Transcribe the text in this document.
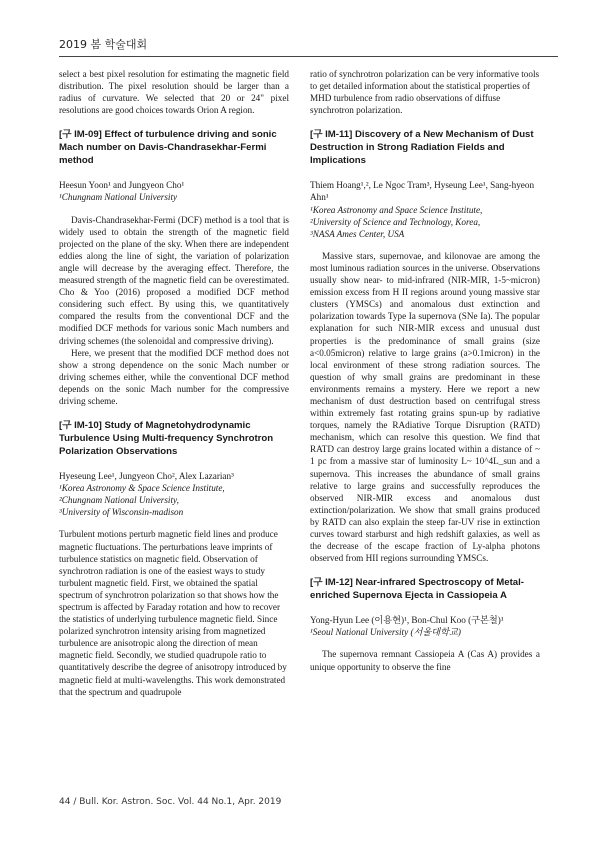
2019 봄 학술대회

select a best pixel resolution for estimating the magnetic field distribution. The pixel resolution should be larger than a radius of curvature. We selected that 20 or 24" pixel resolutions are good choices towards Orion A region.

[구 IM-09] Effect of turbulence driving and sonic Mach number on Davis-Chandrasekhar-Fermi method

Heesun Yoon¹ and Jungyeon Cho¹

¹Chungnam National University

Davis-Chandrasekhar-Fermi (DCF) method is a tool that is widely used to obtain the strength of the magnetic field projected on the plane of the sky. When there are independent eddies along the line of sight, the variation of polarization angle will decrease by the averaging effect. Therefore, the measured strength of the magnetic field can be overestimated. Cho & Yoo (2016) proposed a modified DCF method considering such effect. By using this, we quantitatively compared the results from the conventional DCF and the modified DCF methods for various sonic Mach numbers and driving schemes (the solenoidal and compressive driving).

Here, we present that the modified DCF method does not show a strong dependence on the sonic Mach number or driving schemes either, while the conventional DCF method depends on the sonic Mach number for the compressive driving scheme.

[구 IM-10] Study of Magnetohydrodynamic Turbulence Using Multi-frequency Synchrotron Polarization Observations

Hyeseung Lee¹, Jungyeon Cho², Alex Lazarian³

¹Korea Astronomy & Space Science Institute,

²Chungnam National University,

³University of Wisconsin-madison

Turbulent motions perturb magnetic field lines and produce magnetic fluctuations. The perturbations leave imprints of turbulence statistics on magnetic field. Observation of synchrotron radiation is one of the easiest ways to study turbulent magnetic field. First, we obtained the spatial spectrum of synchrotron polarization so that shows how the spectrum is affected by Faraday rotation and how to recover the statistics of underlying turbulence magnetic field. Since polarized synchrotron intensity arising from magnetized turbulence are anisotropic along the direction of mean magnetic field. Secondly, we studied quadrupole ratio to quantitatively describe the degree of anisotropy introduced by magnetic field at multi-wavelengths. This work demonstrated that the spectrum and quadrupole

ratio of synchrotron polarization can be very informative tools to get detailed information about the statistical properties of MHD turbulence from radio observations of diffuse synchrotron polarization.

[구 IM-11] Discovery of a New Mechanism of Dust Destruction in Strong Radiation Fields and Implications

Thiem Hoang¹,², Le Ngoc Tram³, Hyseung Lee¹, Sang-hyeon Ahn¹

¹Korea Astronomy and Space Science Institute,

²University of Science and Technology, Korea,

³NASA Ames Center, USA

Massive stars, supernovae, and kilonovae are among the most luminous radiation sources in the universe. Observations usually show near- to mid-infrared (NIR-MIR, 1-5~micron) emission excess from H II regions around young massive star clusters (YMSCs) and anomalous dust extinction and polarization towards Type Ia supernova (SNe Ia). The popular explanation for such NIR-MIR excess and unusual dust properties is the predominance of small grains (size a<0.05micron) relative to large grains (a>0.1micron) in the local environment of these strong radiation sources. The question of why small grains are predominant in these environments remains a mystery. Here we report a new mechanism of dust destruction based on centrifugal stress within extremely fast rotating grains spun-up by radiative torques, namely the RAdiative Torque Disruption (RATD) mechanism, which can resolve this question. We find that RATD can destroy large grains located within a distance of ~ 1 pc from a massive star of luminosity L~ 10^4L_sun and a supernova. This increases the abundance of small grains relative to large grains and successfully reproduces the observed NIR-MIR excess and anomalous dust extinction/polarization. We show that small grains produced by RATD can also explain the steep far-UV rise in extinction curves toward starburst and high redshift galaxies, as well as the decrease of the escape fraction of Ly-alpha photons observed from HII regions surrounding YMSCs.

[구 IM-12] Near-infrared Spectroscopy of Metal-enriched Supernova Ejecta in Cassiopeia A

Yong-Hyun Lee (이용현)¹, Bon-Chul Koo (구본철)¹

¹Seoul National University (서울대학교)

The supernova remnant Cassiopeia A (Cas A) provides a unique opportunity to observe the fine

44 / Bull. Kor. Astron. Soc. Vol. 44 No.1, Apr. 2019
